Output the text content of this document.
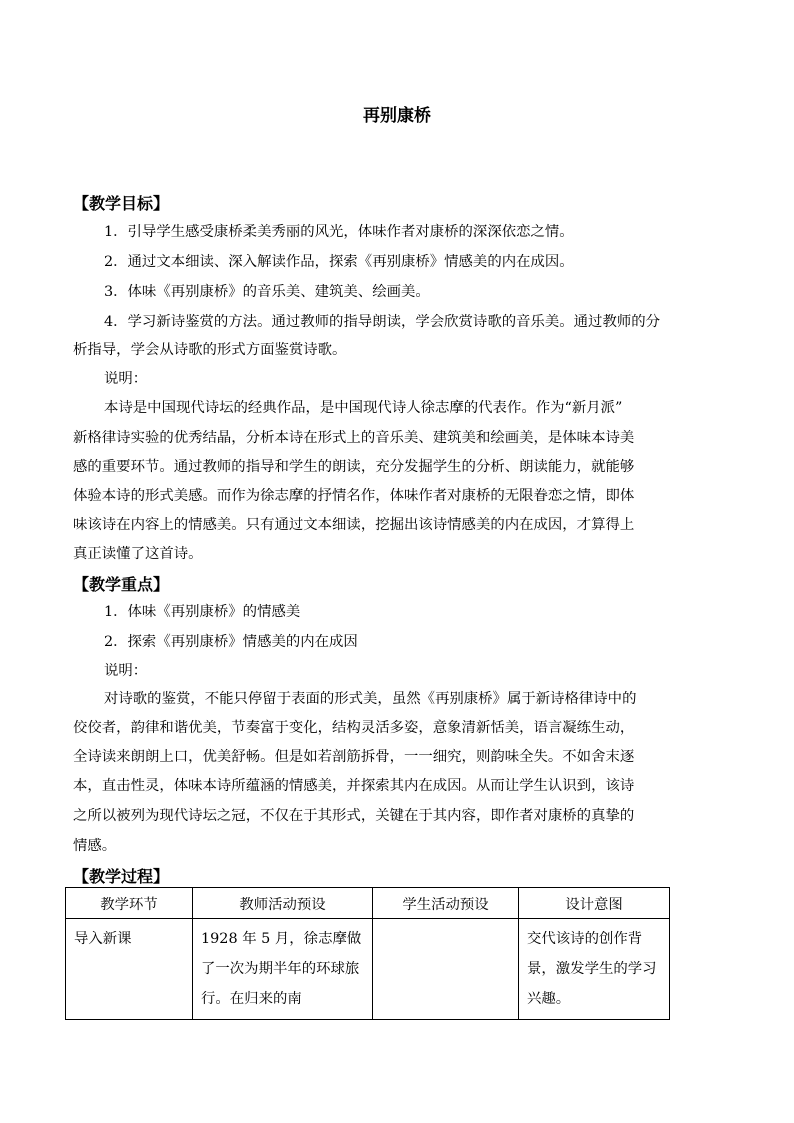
再别康桥
【教学目标】
1．引导学生感受康桥柔美秀丽的风光，体味作者对康桥的深深依恋之情。
2．通过文本细读、深入解读作品，探索《再别康桥》情感美的内在成因。
3．体味《再别康桥》的音乐美、建筑美、绘画美。
4．学习新诗鉴赏的方法。通过教师的指导朗读，学会欣赏诗歌的音乐美。通过教师的分
析指导，学会从诗歌的形式方面鉴赏诗歌。
说明：
本诗是中国现代诗坛的经典作品，是中国现代诗人徐志摩的代表作。作为“新月派”
新格律诗实验的优秀结晶，分析本诗在形式上的音乐美、建筑美和绘画美，是体味本诗美
感的重要环节。通过教师的指导和学生的朗读，充分发掘学生的分析、朗读能力，就能够
体验本诗的形式美感。而作为徐志摩的抒情名作，体味作者对康桥的无限眷恋之情，即体
味该诗在内容上的情感美。只有通过文本细读，挖掘出该诗情感美的内在成因，才算得上
真正读懂了这首诗。
【教学重点】
1．体味《再别康桥》的情感美
2．探索《再别康桥》情感美的内在成因
说明：
对诗歌的鉴赏，不能只停留于表面的形式美，虽然《再别康桥》属于新诗格律诗中的
佼佼者，韵律和谐优美，节奏富于变化，结构灵活多姿，意象清新恬美，语言凝练生动，
全诗读来朗朗上口，优美舒畅。但是如若剖筋拆骨，一一细究，则韵味全失。不如舍末逐
本，直击性灵，体味本诗所蕴涵的情感美，并探索其内在成因。从而让学生认识到，该诗
之所以被列为现代诗坛之冠，不仅在于其形式，关键在于其内容，即作者对康桥的真挚的
情感。
【教学过程】
教学环节	教师活动预设	学生活动预设	设计意图

导入新课	1928 年 5 月，徐志摩做了一次为期半年的环球旅行。在归来的南		交代该诗的创作背景，激发学生的学习兴趣。
